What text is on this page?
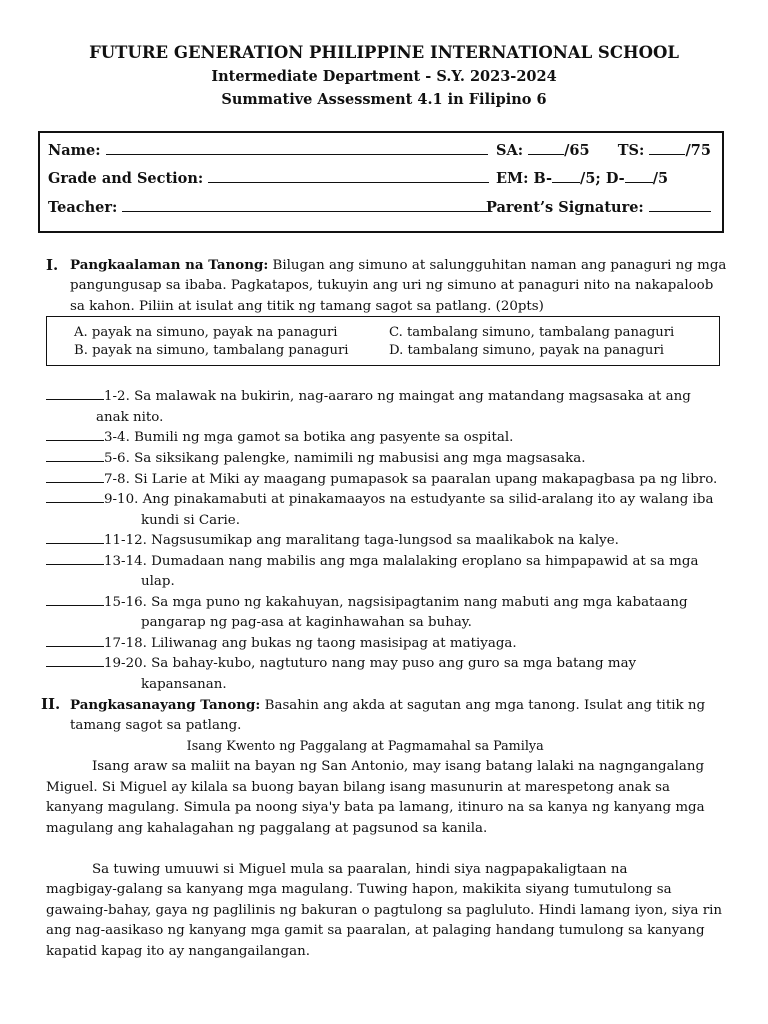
FUTURE GENERATION PHILIPPINE INTERNATIONAL SCHOOL
Intermediate Department - S.Y. 2023-2024
Summative Assessment 4.1 in Filipino 6
Name:	SA:	/65 TS:	/75
Grade and Section:	EM: B- /5; D- /5
Teacher:	Parent’s Signature:
I. Pangkaalaman na Tanong: Bilugan ang simuno at salungguhitan naman ang panaguri ng mga
pangungusap sa ibaba. Pagkatapos, tukuyin ang uri ng simuno at panaguri nito na nakapaloob
sa kahon. Piliin at isulat ang titik ng tamang sagot sa patlang. (20pts)
A. payak na simuno, payak na panaguri
B. payak na simuno, tambalang panaguri
C. tambalang simuno, tambalang panaguri
D. tambalang simuno, payak na panaguri
1-2. Sa malawak na bukirin, nag-aararo ng maingat ang matandang magsasaka at ang
anak nito.
3-4. Bumili ng mga gamot sa botika ang pasyente sa ospital.
5-6. Sa siksikang palengke, namimili ng mabusisi ang mga magsasaka.
7-8. Si Larie at Miki ay maagang pumapasok sa paaralan upang makapagbasa pa ng libro.
9-10. Ang pinakamabuti at pinakamaayos na estudyante sa silid-aralang ito ay walang iba
kundi si Carie.
11-12. Nagsusumikap ang maralitang taga-lungsod sa maalikabok na kalye.
13-14. Dumadaan nang mabilis ang mga malalaking eroplano sa himpapawid at sa mga
ulap.
15-16. Sa mga puno ng kakahuyan, nagsisipagtanim nang mabuti ang mga kabataang
pangarap ng pag-asa at kaginhawahan sa buhay.
17-18. Liliwanag ang bukas ng taong masisipag at matiyaga.
19-20. Sa bahay-kubo, nagtuturo nang may puso ang guro sa mga batang may
kapansanan.
II. Pangkasanayang Tanong: Basahin ang akda at sagutan ang mga tanong. Isulat ang titik ng
tamang sagot sa patlang.
Isang Kwento ng Paggalang at Pagmamahal sa Pamilya
Isang araw sa maliit na bayan ng San Antonio, may isang batang lalaki na nagngangalang
Miguel. Si Miguel ay kilala sa buong bayan bilang isang masunurin at marespetong anak sa
kanyang magulang. Simula pa noong siya'y bata pa lamang, itinuro na sa kanya ng kanyang mga
magulang ang kahalagahan ng paggalang at pagsunod sa kanila.
Sa tuwing umuuwi si Miguel mula sa paaralan, hindi siya nagpapakaligtaan na
magbigay-galang sa kanyang mga magulang. Tuwing hapon, makikita siyang tumutulong sa
gawaing-bahay, gaya ng paglilinis ng bakuran o pagtulong sa pagluluto. Hindi lamang iyon, siya rin
ang nag-aasikaso ng kanyang mga gamit sa paaralan, at palaging handang tumulong sa kanyang
kapatid kapag ito ay nangangailangan.
